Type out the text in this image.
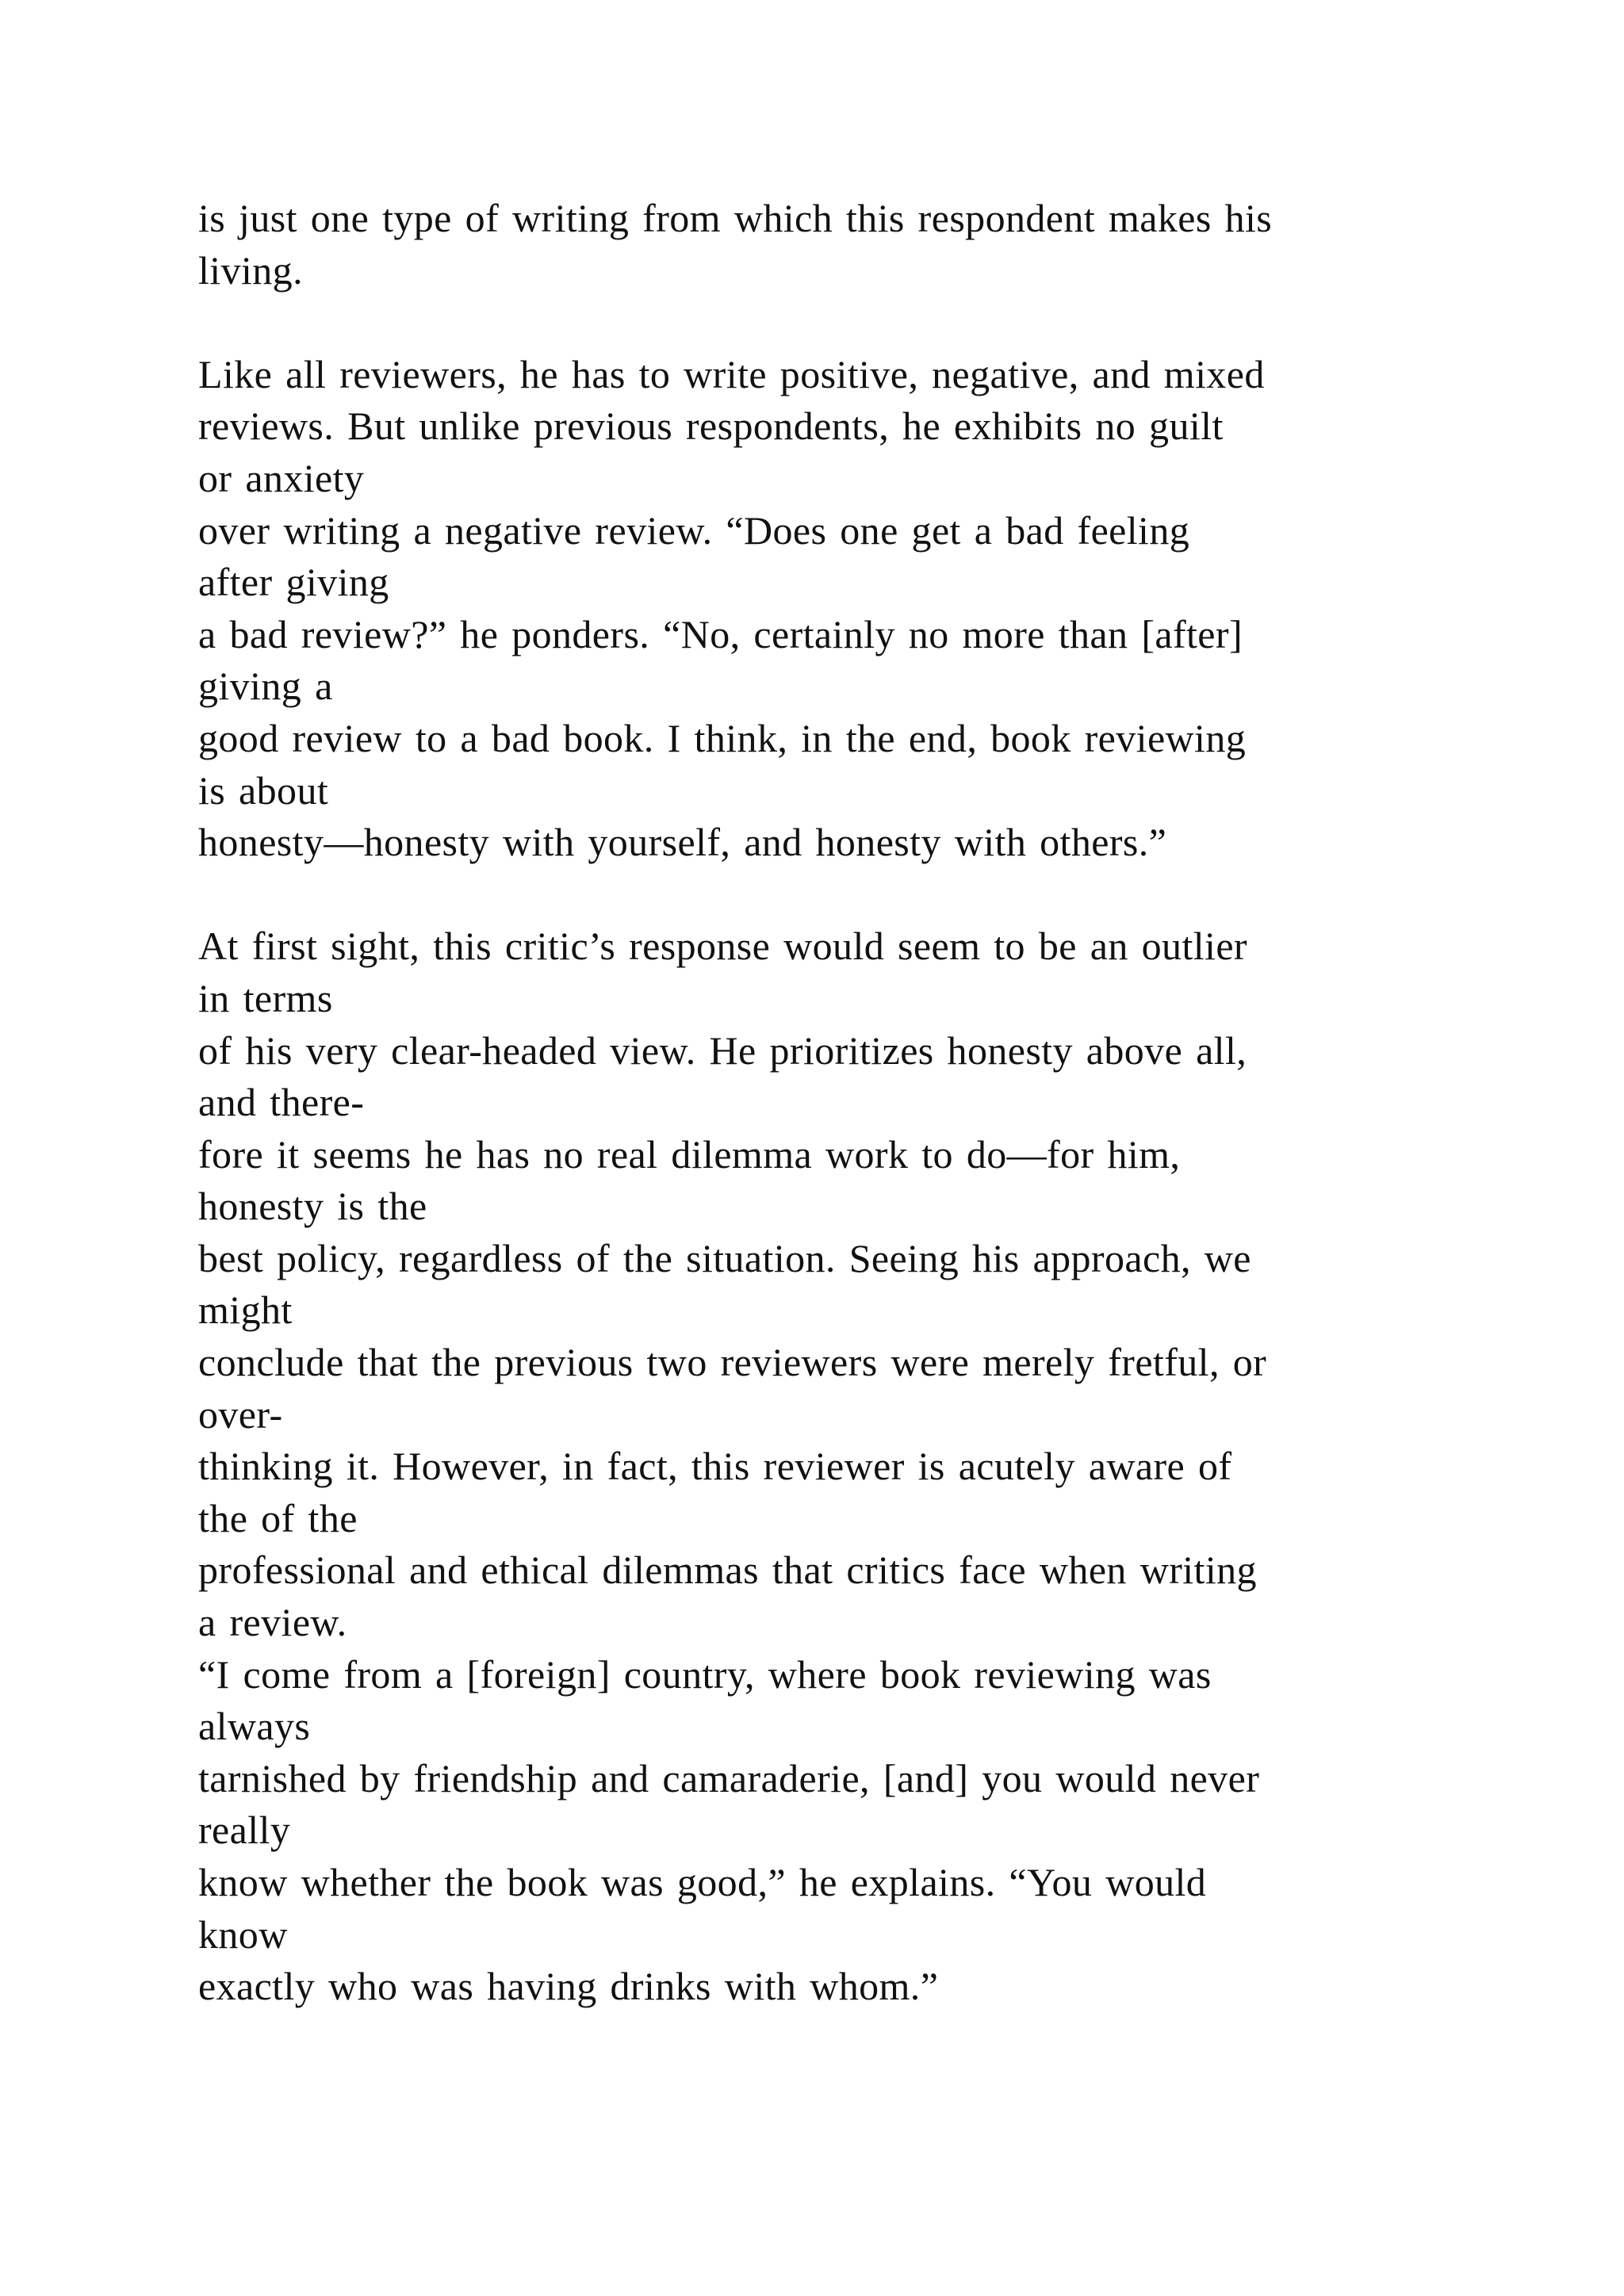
is just one type of writing from which this respondent makes his
living.
Like all reviewers, he has to write positive, negative, and mixed
reviews. But unlike previous respondents, he exhibits no guilt
or anxiety
over writing a negative review. “Does one get a bad feeling
after giving
a bad review?” he ponders. “No, certainly no more than [after]
giving a
good review to a bad book. I think, in the end, book reviewing
is about
honesty—honesty with yourself, and honesty with others.”
At first sight, this critic’s response would seem to be an outlier
in terms
of his very clear-headed view. He prioritizes honesty above all,
and there-
fore it seems he has no real dilemma work to do—for him,
honesty is the
best policy, regardless of the situation. Seeing his approach, we
might
conclude that the previous two reviewers were merely fretful, or
over-
thinking it. However, in fact, this reviewer is acutely aware of
the of the
professional and ethical dilemmas that critics face when writing
a review.
“I come from a [foreign] country, where book reviewing was
always
tarnished by friendship and camaraderie, [and] you would never
really
know whether the book was good,” he explains. “You would
know
exactly who was having drinks with whom.”
